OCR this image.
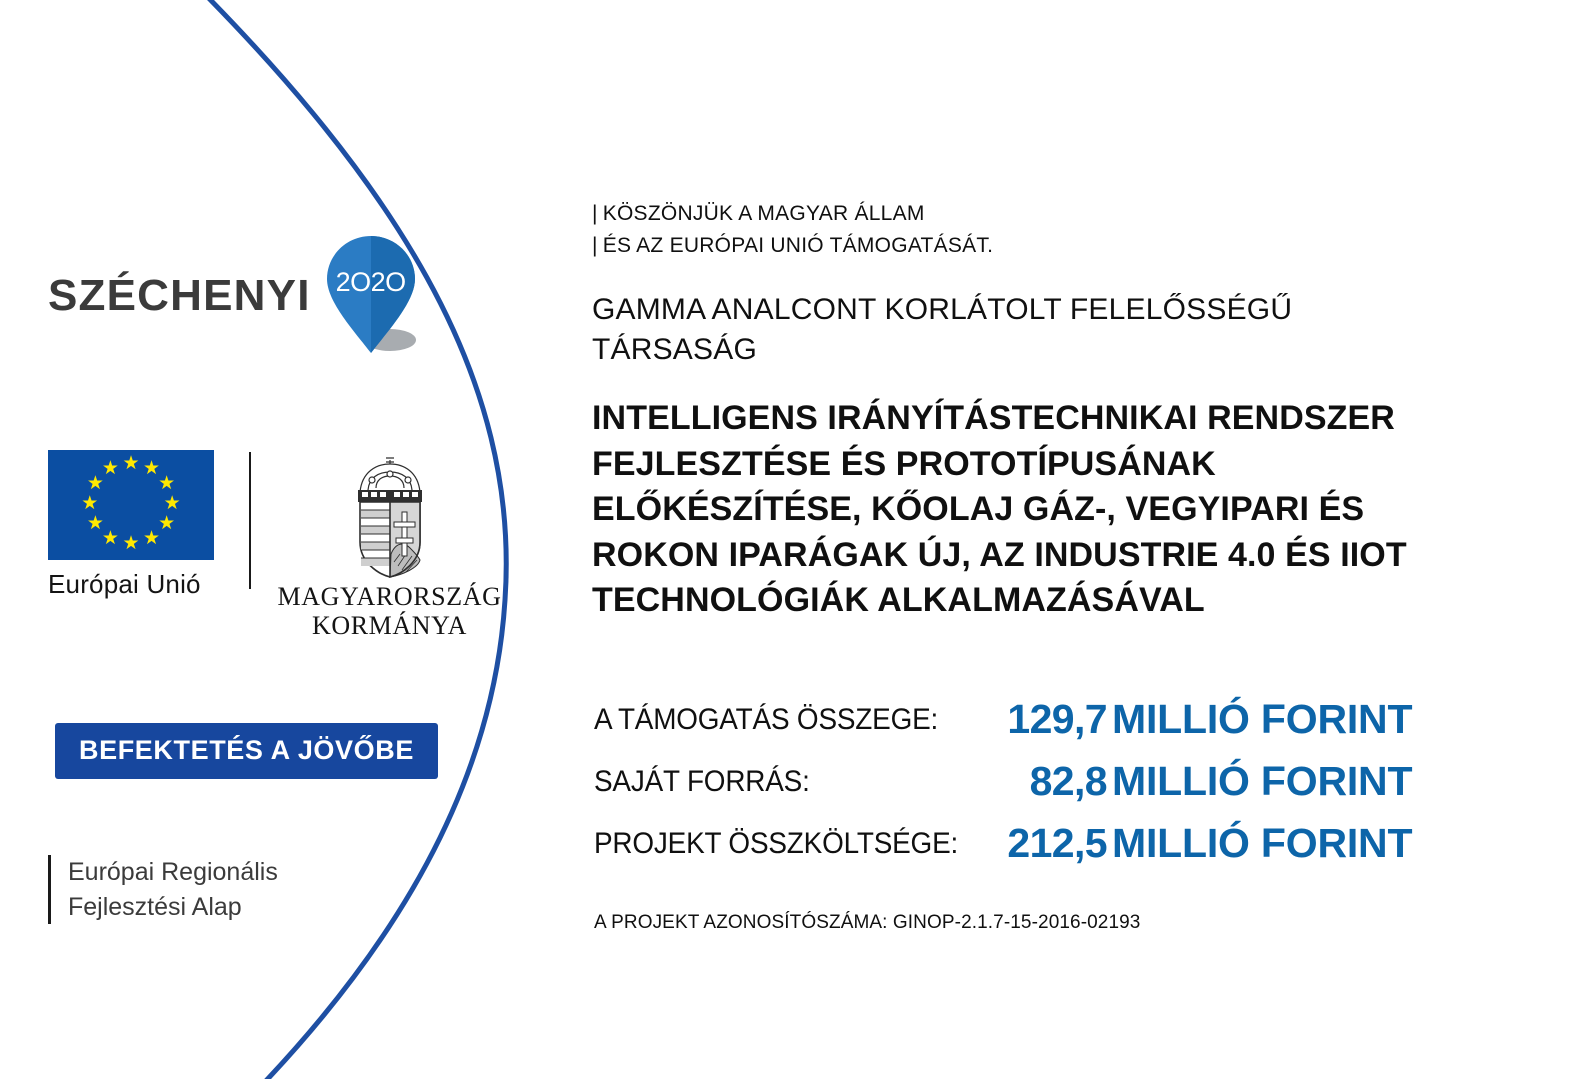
SZÉCHENYI 2O2O
★ ★
★
★
★
★
★
★
★
★
★
★
Európai Unió	MAGYARORSZÁG
KORMÁNYA
BEFEKTETÉS A JÖVŐBE
Európai Regionális
Fejlesztési Alap
| KÖSZÖNJÜK A MAGYAR ÁLLAM
| ÉS AZ EURÓPAI UNIÓ TÁMOGATÁSÁT.
GAMMA ANALCONT KORLÁTOLT FELELŐSSÉGŰ TÁRSASÁG
INTELLIGENS IRÁNYÍTÁSTECHNIKAI RENDSZER FEJLESZTÉSE ÉS PROTOTÍPUSÁNAK ELŐKÉSZÍTÉSE, KŐOLAJ GÁZ-, VEGYIPARI ÉS ROKON IPARÁGAK ÚJ, AZ INDUSTRIE 4.0 ÉS IIOT TECHNOLÓGIÁK ALKALMAZÁSÁVAL
A TÁMOGATÁS ÖSSZEGE:	129,7 MILLIÓ FORINT
SAJÁT FORRÁS:	82,8 MILLIÓ FORINT
PROJEKT ÖSSZKÖLTSÉGE:	212,5 MILLIÓ FORINT
A PROJEKT AZONOSÍTÓSZÁMA: GINOP-2.1.7-15-2016-02193
